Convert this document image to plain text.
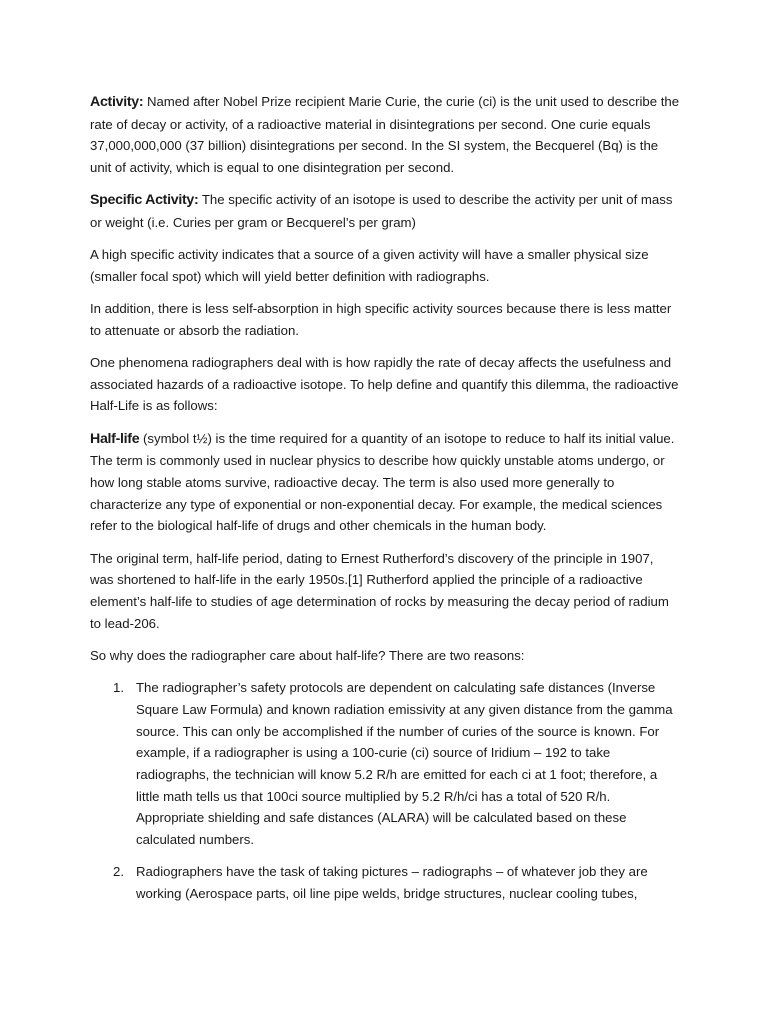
Activity: Named after Nobel Prize recipient Marie Curie, the curie (ci) is the unit used to describe the rate of decay or activity, of a radioactive material in disintegrations per second. One curie equals 37,000,000,000 (37 billion) disintegrations per second. In the SI system, the Becquerel (Bq) is the unit of activity, which is equal to one disintegration per second.

Specific Activity: The specific activity of an isotope is used to describe the activity per unit of mass or weight (i.e. Curies per gram or Becquerel’s per gram)

A high specific activity indicates that a source of a given activity will have a smaller physical size (smaller focal spot) which will yield better definition with radiographs.

In addition, there is less self-absorption in high specific activity sources because there is less matter to attenuate or absorb the radiation.

One phenomena radiographers deal with is how rapidly the rate of decay affects the usefulness and associated hazards of a radioactive isotope. To help define and quantify this dilemma, the radioactive Half-Life is as follows:

Half-life (symbol t½) is the time required for a quantity of an isotope to reduce to half its initial value. The term is commonly used in nuclear physics to describe how quickly unstable atoms undergo, or how long stable atoms survive, radioactive decay. The term is also used more generally to characterize any type of exponential or non-exponential decay. For example, the medical sciences refer to the biological half-life of drugs and other chemicals in the human body.

The original term, half-life period, dating to Ernest Rutherford’s discovery of the principle in 1907, was shortened to half-life in the early 1950s.[1] Rutherford applied the principle of a radioactive element’s half-life to studies of age determination of rocks by measuring the decay period of radium to lead-206.

So why does the radiographer care about half-life? There are two reasons:

1. The radiographer’s safety protocols are dependent on calculating safe distances (Inverse Square Law Formula) and known radiation emissivity at any given distance from the gamma source. This can only be accomplished if the number of curies of the source is known. For example, if a radiographer is using a 100-curie (ci) source of Iridium – 192 to take radiographs, the technician will know 5.2 R/h are emitted for each ci at 1 foot; therefore, a little math tells us that 100ci source multiplied by 5.2 R/h/ci has a total of 520 R/h. Appropriate shielding and safe distances (ALARA) will be calculated based on these calculated numbers.
2. Radiographers have the task of taking pictures – radiographs – of whatever job they are working (Aerospace parts, oil line pipe welds, bridge structures, nuclear cooling tubes,
